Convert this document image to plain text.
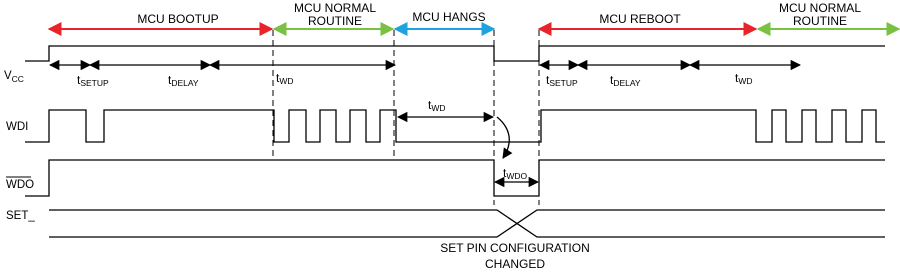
MCU BOOTUP
MCU NORMAL
ROUTINE	MCU HANGS	MCU REBOOT
MCU NORMAL
ROUTINE
$V_{CC}$
WDI
WDO
SET_
tSETUP	tDELAY	tWD	tSETUP	tDELAY	tWD
tWD
tWDO
SET PIN CONFIGURATION
CHANGED
